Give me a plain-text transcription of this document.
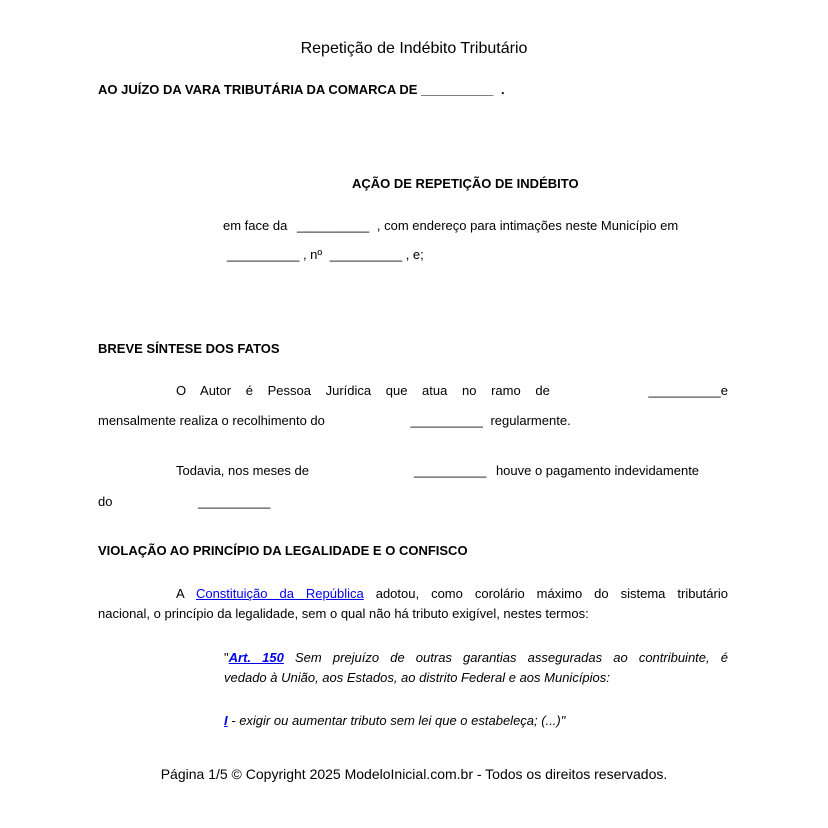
Repetição de Indébito Tributário
AO JUÍZO DA VARA TRIBUTÁRIA DA COMARCA DE __________ .
AÇÃO DE REPETIÇÃO DE INDÉBITO
em face da __________ , com endereço para intimações neste Município em
__________ , nº __________ , e;
BREVE SÍNTESE DOS FATOS
O Autor é Pessoa Jurídica que atua no ramo de	__________e
mensalmente realiza o recolhimento do	__________ regularmente.
Todavia, nos meses de	__________ houve o pagamento indevidamente
do	__________
VIOLAÇÃO AO PRINCÍPIO DA LEGALIDADE E O CONFISCO
A Constituição da República adotou, como corolário máximo do sistema tributário
nacional, o princípio da legalidade, sem o qual não há tributo exigível, nestes termos:
"Art. 150 Sem prejuízo de outras garantias asseguradas ao contribuinte, é
vedado à União, aos Estados, ao distrito Federal e aos Municípios:
I - exigir ou aumentar tributo sem lei que o estabeleça; (...)"
Página 1/5 © Copyright 2025 ModeloInicial.com.br - Todos os direitos reservados.
